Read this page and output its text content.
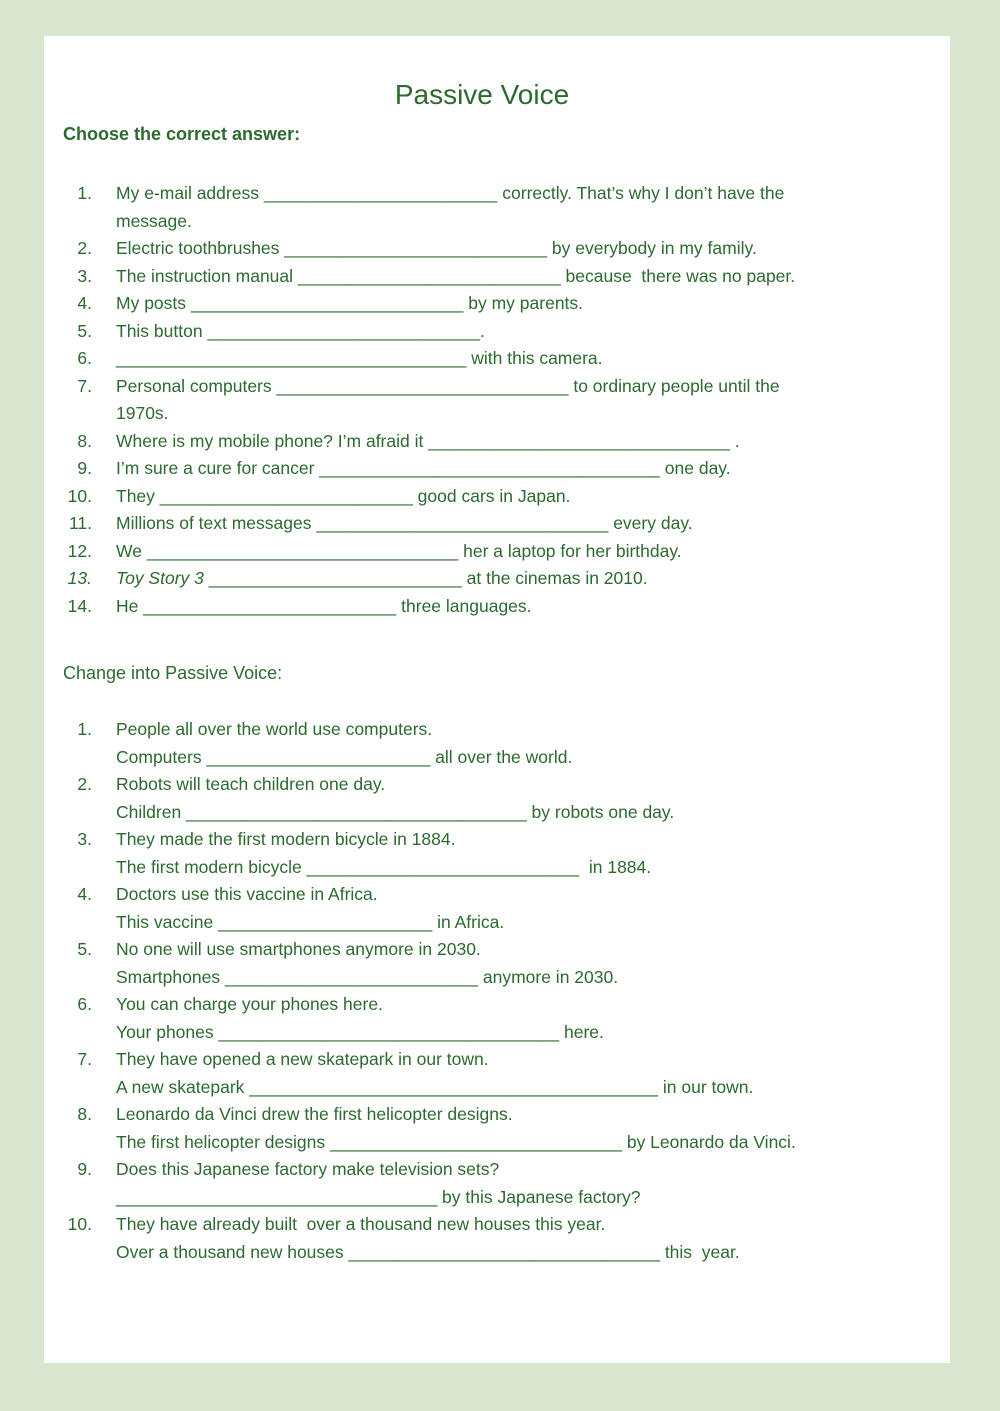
Passive Voice
Choose the correct answer:
1. My e-mail address ________________________ correctly. That’s why I don’t have the
message.
2. Electric toothbrushes ___________________________ by everybody in my family.
3. The instruction manual ___________________________ because  there was no paper.
4. My posts ____________________________ by my parents.
5. This button ____________________________.
6. ____________________________________ with this camera.
7. Personal computers ______________________________ to ordinary people until the
1970s.
8. Where is my mobile phone? I’m afraid it _______________________________ .
9. I’m sure a cure for cancer ___________________________________ one day.
10. They __________________________ good cars in Japan.
11. Millions of text messages ______________________________ every day.
12. We ________________________________ her a laptop for her birthday.
13. Toy Story 3 __________________________ at the cinemas in 2010.
14. He __________________________ three languages.
Change into Passive Voice:
1. People all over the world use computers.
Computers _______________________ all over the world.
2. Robots will teach children one day.
Children ___________________________________ by robots one day.
3. They made the first modern bicycle in 1884.
The first modern bicycle ____________________________  in 1884.
4. Doctors use this vaccine in Africa.
This vaccine ______________________ in Africa.
5. No one will use smartphones anymore in 2030.
Smartphones __________________________ anymore in 2030.
6. You can charge your phones here.
Your phones ___________________________________ here.
7. They have opened a new skatepark in our town.
A new skatepark __________________________________________ in our town.
8. Leonardo da Vinci drew the first helicopter designs.
The first helicopter designs ______________________________ by Leonardo da Vinci.
9. Does this Japanese factory make television sets?
_________________________________ by this Japanese factory?
10. They have already built  over a thousand new houses this year.
Over a thousand new houses ________________________________ this  year.
